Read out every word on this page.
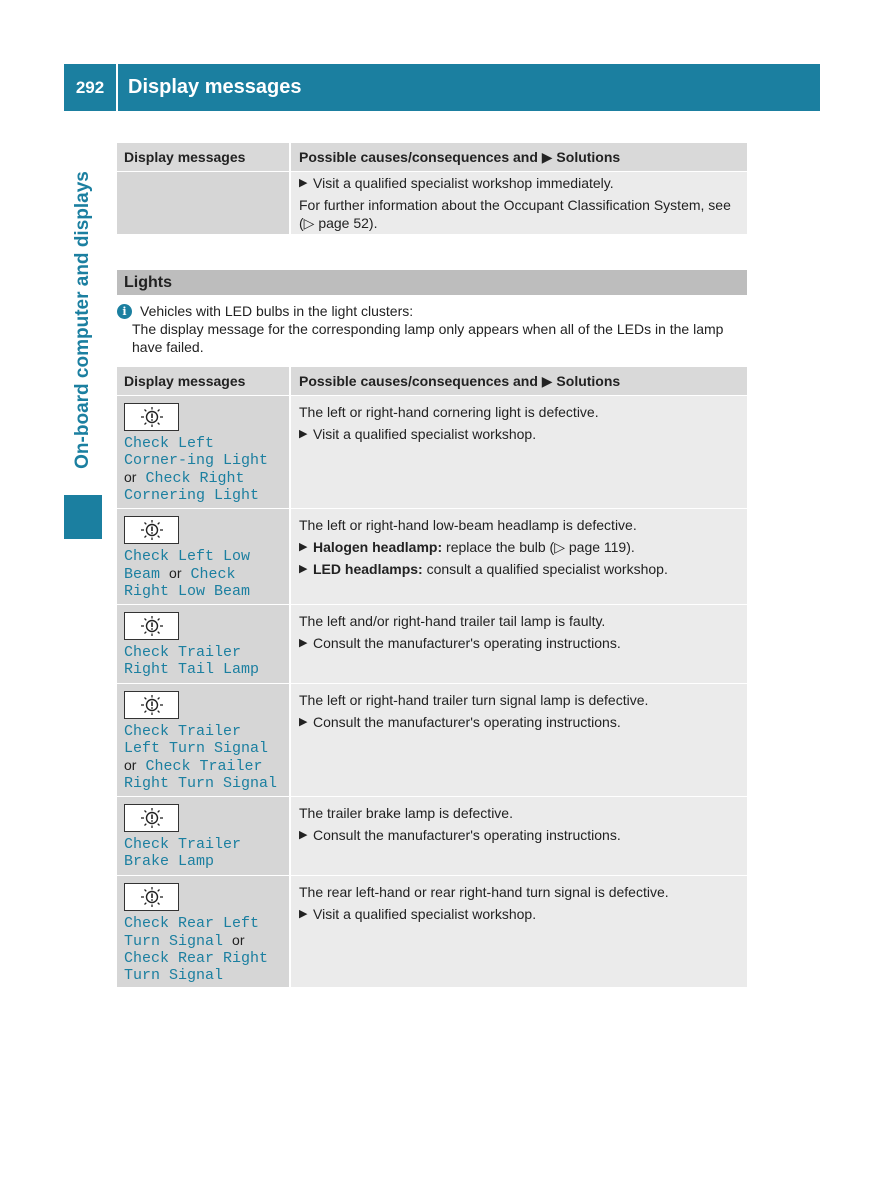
292	Display messages
On-board computer and displays
Display messages	Possible causes/consequences and ▶ Solutions
▶ Visit a qualified specialist workshop immediately.
For further information about the Occupant Classification System, see (▷ page 52).
Lights
i Vehicles with LED bulbs in the light clusters:
The display message for the corresponding lamp only appears when all of the LEDs in the lamp have failed.
Display messages	Possible causes/consequences and ▶ Solutions
Check Left Corner-ing Light or Check Right Cornering Light
The left or right-hand cornering light is defective.
▶ Visit a qualified specialist workshop.
Check Left Low Beam or Check Right Low Beam
The left or right-hand low-beam headlamp is defective.
▶ Halogen headlamp: replace the bulb (▷ page 119).
▶ LED headlamps: consult a qualified specialist workshop.
Check Trailer Right Tail Lamp
The left and/or right-hand trailer tail lamp is faulty.
▶ Consult the manufacturer's operating instructions.
Check Trailer Left Turn Signal or Check Trailer Right Turn Signal
The left or right-hand trailer turn signal lamp is defective.
▶ Consult the manufacturer's operating instructions.
Check Trailer Brake Lamp
The trailer brake lamp is defective.
▶ Consult the manufacturer's operating instructions.
Check Rear Left Turn Signal or Check Rear Right Turn Signal
The rear left-hand or rear right-hand turn signal is defective.
▶ Visit a qualified specialist workshop.
